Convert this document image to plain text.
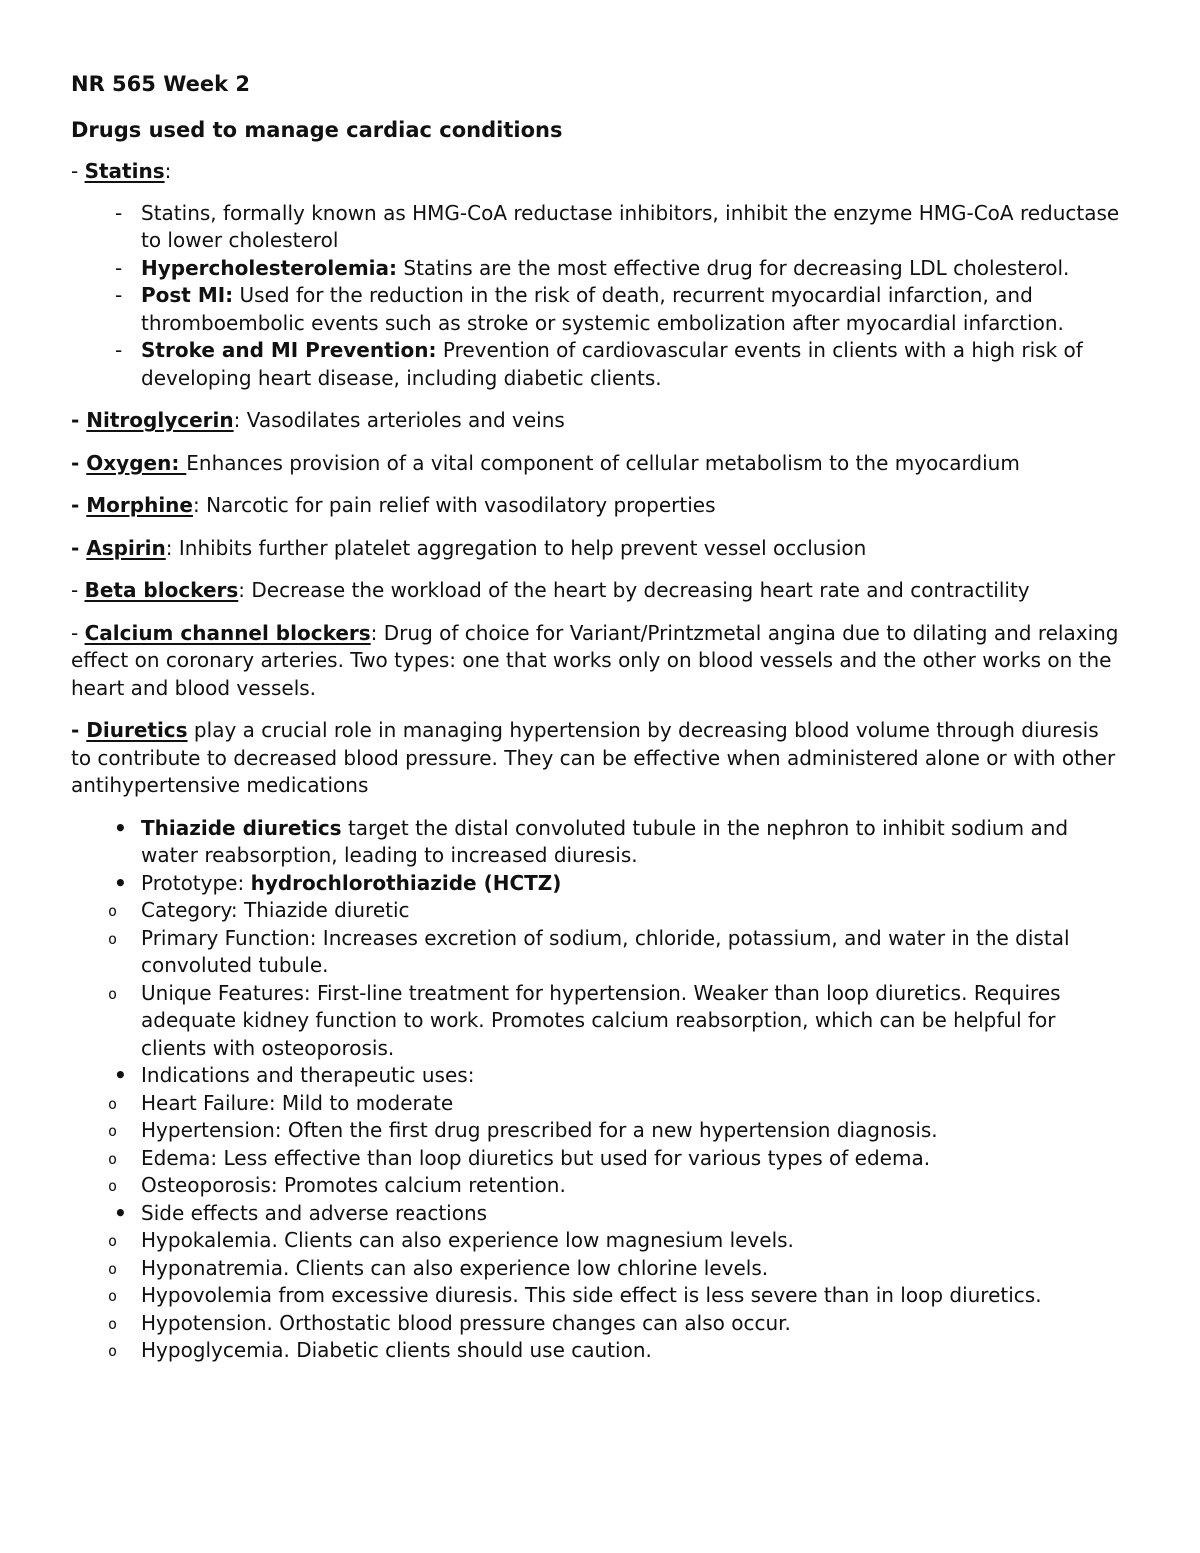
NR 565 Week 2
Drugs used to manage cardiac conditions

- Statins:

- Statins, formally known as HMG-CoA reductase inhibitors, inhibit the enzyme HMG-CoA reductase to lower cholesterol
- Hypercholesterolemia: Statins are the most effective drug for decreasing LDL cholesterol.
- Post MI: Used for the reduction in the risk of death, recurrent myocardial infarction, and thromboembolic events such as stroke or systemic embolization after myocardial infarction.
- Stroke and MI Prevention: Prevention of cardiovascular events in clients with a high risk of developing heart disease, including diabetic clients.

- Nitroglycerin: Vasodilates arterioles and veins

- Oxygen: Enhances provision of a vital component of cellular metabolism to the myocardium

- Morphine: Narcotic for pain relief with vasodilatory properties

- Aspirin: Inhibits further platelet aggregation to help prevent vessel occlusion

- Beta blockers: Decrease the workload of the heart by decreasing heart rate and contractility

- Calcium channel blockers: Drug of choice for Variant/Printzmetal angina due to dilating and relaxing effect on coronary arteries. Two types: one that works only on blood vessels and the other works on the heart and blood vessels.

- Diuretics play a crucial role in managing hypertension by decreasing blood volume through diuresis to contribute to decreased blood pressure. They can be effective when administered alone or with other antihypertensive medications

• Thiazide diuretics target the distal convoluted tubule in the nephron to inhibit sodium and water reabsorption, leading to increased diuresis.
• Prototype: hydrochlorothiazide (HCTZ)
o Category: Thiazide diuretic
o Primary Function: Increases excretion of sodium, chloride, potassium, and water in the distal convoluted tubule.
o Unique Features: First-line treatment for hypertension. Weaker than loop diuretics. Requires adequate kidney function to work. Promotes calcium reabsorption, which can be helpful for clients with osteoporosis.
• Indications and therapeutic uses:
o Heart Failure: Mild to moderate
o Hypertension: Often the first drug prescribed for a new hypertension diagnosis.
o Edema: Less effective than loop diuretics but used for various types of edema.
o Osteoporosis: Promotes calcium retention.
• Side effects and adverse reactions
o Hypokalemia. Clients can also experience low magnesium levels.
o Hyponatremia. Clients can also experience low chlorine levels.
o Hypovolemia from excessive diuresis. This side effect is less severe than in loop diuretics.
o Hypotension. Orthostatic blood pressure changes can also occur.
o Hypoglycemia. Diabetic clients should use caution.
